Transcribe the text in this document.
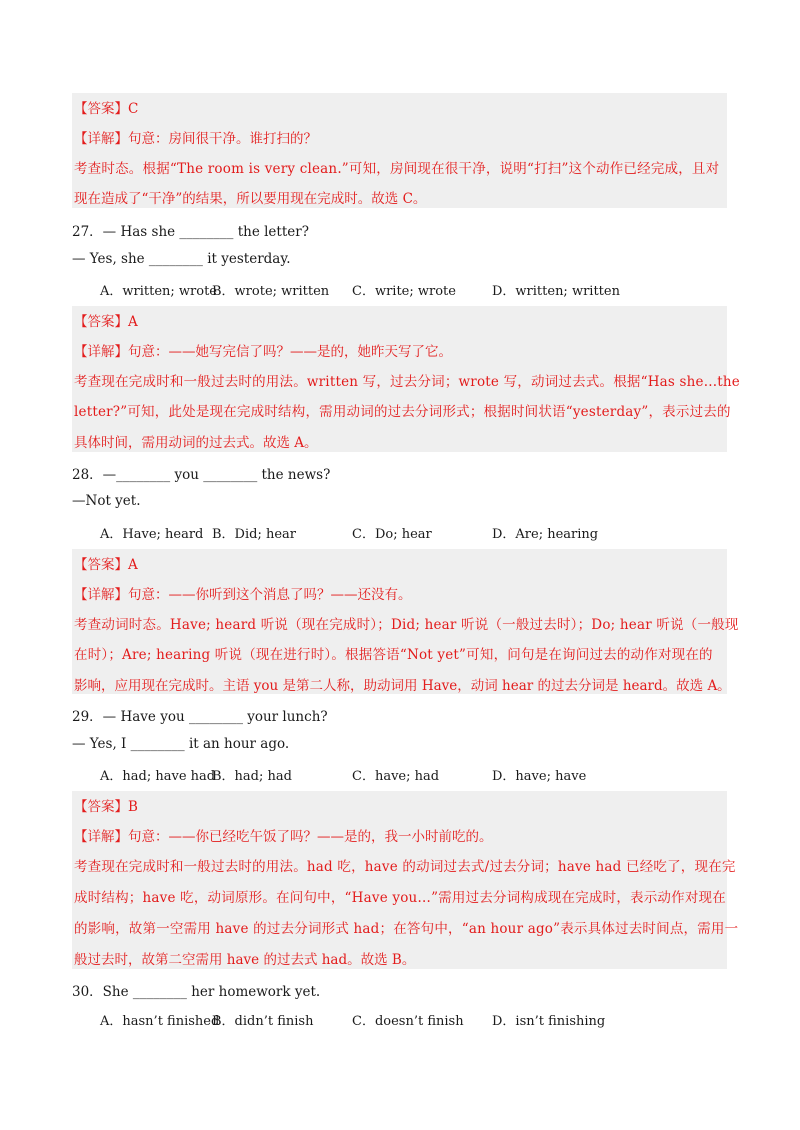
【答案】C
【详解】句意：房间很干净。谁打扫的？
考查时态。根据“The room is very clean.”可知，房间现在很干净，说明“打扫”这个动作已经完成，且对
现在造成了“干净”的结果，所以要用现在完成时。故选 C。
27．— Has she ________ the letter?
— Yes, she ________ it yesterday.
A．written; wrote
B．wrote; written C．write; wrote	D．written; written
【答案】A
【详解】句意：——她写完信了吗？——是的，她昨天写了它。
考查现在完成时和一般过去时的用法。written 写，过去分词；wrote 写，动词过去式。根据“Has she...the
letter?”可知，此处是现在完成时结构，需用动词的过去分词形式；根据时间状语“yesterday”，表示过去的
具体时间，需用动词的过去式。故选 A。
28．—________ you ________ the news?
—Not yet.
A．Have; heard B．Did; hear	C．Do; hear	D．Are; hearing
【答案】A
【详解】句意：——你听到这个消息了吗？——还没有。
考查动词时态。Have; heard 听说（现在完成时）；Did; hear 听说（一般过去时）；Do; hear 听说（一般现
在时）；Are; hearing 听说（现在进行时）。根据答语“Not yet”可知，问句是在询问过去的动作对现在的
影响，应用现在完成时。主语 you 是第二人称，助动词用 Have，动词 hear 的过去分词是 heard。故选 A。
29．— Have you ________ your lunch?
— Yes, I ________ it an hour ago.
A．had; have had
B．had; had	C．have; had	D．have; have
【答案】B
【详解】句意：——你已经吃午饭了吗？——是的，我一小时前吃的。
考查现在完成时和一般过去时的用法。had 吃，have 的动词过去式/过去分词；have had 已经吃了，现在完
成时结构；have 吃，动词原形。在问句中，“Have you…”需用过去分词构成现在完成时，表示动作对现在
的影响，故第一空需用 have 的过去分词形式 had；在答句中，“an hour ago”表示具体过去时间点，需用一
般过去时，故第二空需用 have 的过去式 had。故选 B。
30．She ________ her homework yet.
A．hasn’t finished
B．didn’t finish	C．doesn’t finish D．isn’t finishing
